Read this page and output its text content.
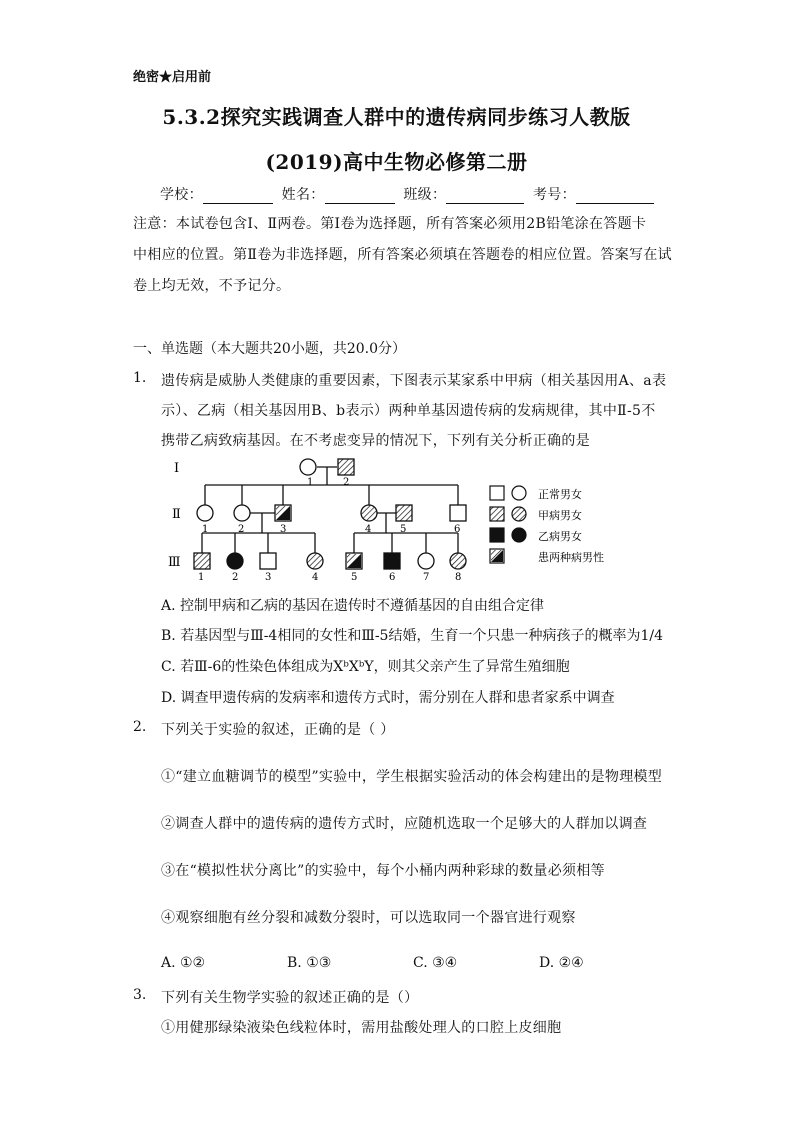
绝密★启用前
5.3.2探究实践调查人群中的遗传病同步练习人教版
(2019)高中生物必修第二册
学校：	姓名：	班级：	考号：
注意：本试卷包含Ⅰ、Ⅱ两卷。第Ⅰ卷为选择题，所有答案必须用2B铅笔涂在答题卡
中相应的位置。第Ⅱ卷为非选择题，所有答案必须填在答题卷的相应位置。答案写在试
卷上均无效，不予记分。
一、单选题（本大题共20小题，共20.0分）
1. 遗传病是威胁人类健康的重要因素，下图表示某家系中甲病（相关基因用A、a表
示）、乙病（相关基因用B、b表示）两种单基因遗传病的发病规律，其中Ⅱ-5不
携带乙病致病基因。在不考虑变异的情况下，下列有关分析正确的是
I
Ⅱ
Ⅲ
1	2
1	2	3	4	5	6
1	2	3	4	5	6	7	8
正常男女
甲病男女
乙病男女
患两种病男性
A. 控制甲病和乙病的基因在遗传时不遵循基因的自由组合定律
B. 若基因型与Ⅲ-4相同的女性和Ⅲ-5结婚，生育一个只患一种病孩子的概率为1/4
C. 若Ⅲ-6的性染色体组成为XᵇXᵇY，则其父亲产生了异常生殖细胞
D. 调查甲遗传病的发病率和遗传方式时，需分别在人群和患者家系中调查
2. 下列关于实验的叙述，正确的是（ ）
①“建立血糖调节的模型”实验中，学生根据实验活动的体会构建出的是物理模型
②调查人群中的遗传病的遗传方式时，应随机选取一个足够大的人群加以调查
③在“模拟性状分离比”的实验中，每个小桶内两种彩球的数量必须相等
④观察细胞有丝分裂和减数分裂时，可以选取同一个器官进行观察
A. ①②	B. ①③	C. ③④	D. ②④
3. 下列有关生物学实验的叙述正确的是（）
①用健那绿染液染色线粒体时，需用盐酸处理人的口腔上皮细胞
